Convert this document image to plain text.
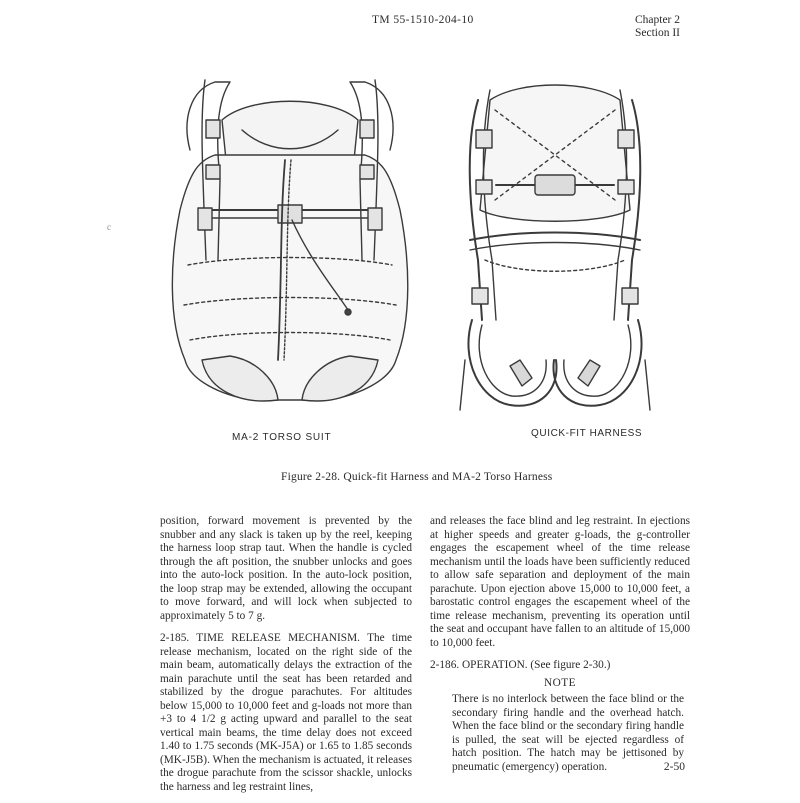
TM 55-1510-204-10	Chapter 2
Section II
c
MA-2 TORSO SUIT	QUICK-FIT HARNESS
Figure 2-28. Quick-fit Harness and MA-2 Torso Harness

position, forward movement is prevented by the snubber and any slack is taken up by the reel, keeping the harness loop strap taut. When the handle is cycled through the aft position, the snubber unlocks and goes into the auto-lock position. In the auto-lock position, the loop strap may be extended, allowing the occupant to move forward, and will lock when subjected to approximately 5 to 7 g.

2-185. TIME RELEASE MECHANISM. The time release mechanism, located on the right side of the main beam, automatically delays the extraction of the main parachute until the seat has been retarded and stabilized by the drogue parachutes. For altitudes below 15,000 to 10,000 feet and g-loads not more than +3 to 4 1/2 g acting upward and parallel to the seat vertical main beams, the time delay does not exceed 1.40 to 1.75 seconds (MK-J5A) or 1.65 to 1.85 seconds (MK-J5B). When the mechanism is actuated, it releases the drogue parachute from the scissor shackle, unlocks the harness and leg restraint lines,

and releases the face blind and leg restraint. In ejections at higher speeds and greater g-loads, the g-controller engages the escapement wheel of the time release mechanism until the loads have been sufficiently reduced to allow safe separation and deployment of the main parachute. Upon ejection above 15,000 to 10,000 feet, a barostatic control engages the escapement wheel of the time release mechanism, preventing its operation until the seat and occupant have fallen to an altitude of 15,000 to 10,000 feet.

2-186. OPERATION. (See figure 2-30.)
NOTE
There is no interlock between the face blind or the secondary firing handle and the overhead hatch. When the face blind or the secondary firing handle is pulled, the seat will be ejected regardless of hatch position. The hatch may be jettisoned by pneumatic (emergency) operation.	2-50
